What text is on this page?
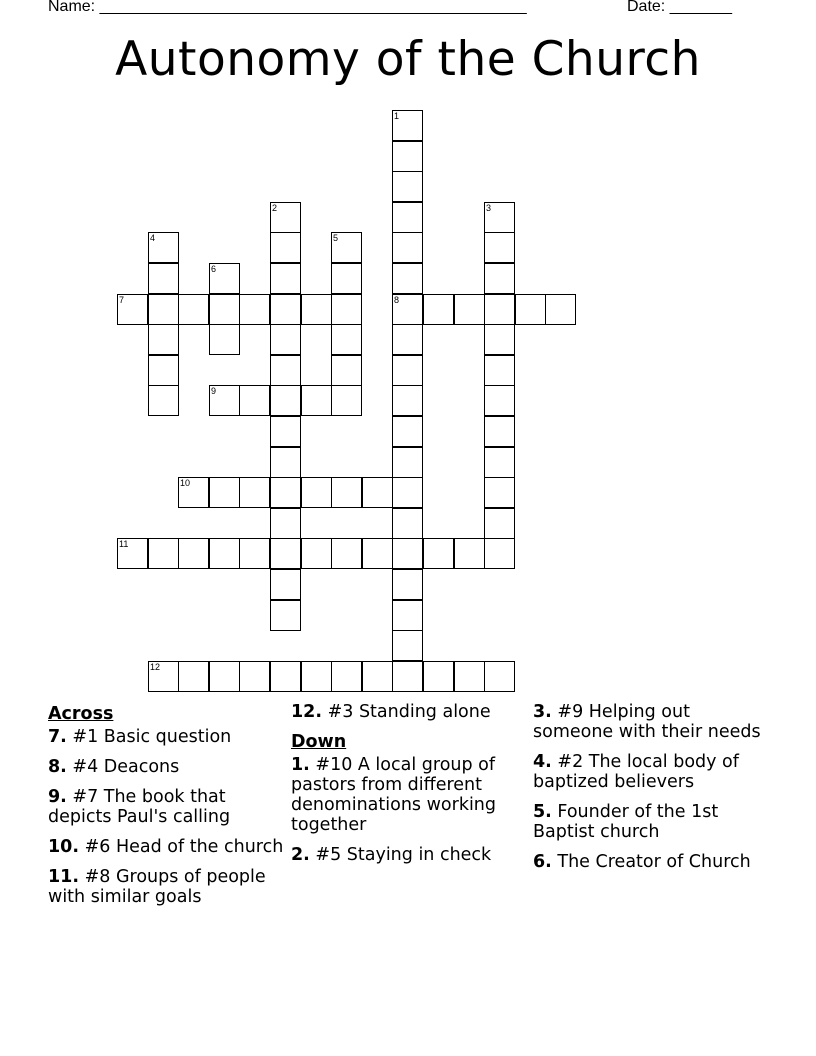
Name: ________________________________________________	Date: _______
Autonomy of the Church
1
8
2	3
4	5
6
7
9
10
11
12
Across
7. #1 Basic question
8. #4 Deacons
9. #7 The book that depicts Paul's calling
10. #6 Head of the church
11. #8 Groups of people with similar goals
12. #3 Standing alone
Down
1. #10 A local group of pastors from different denominations working together
2. #5 Staying in check
3. #9 Helping out someone with their needs
4. #2 The local body of baptized believers
5. Founder of the 1st Baptist church
6. The Creator of Church
